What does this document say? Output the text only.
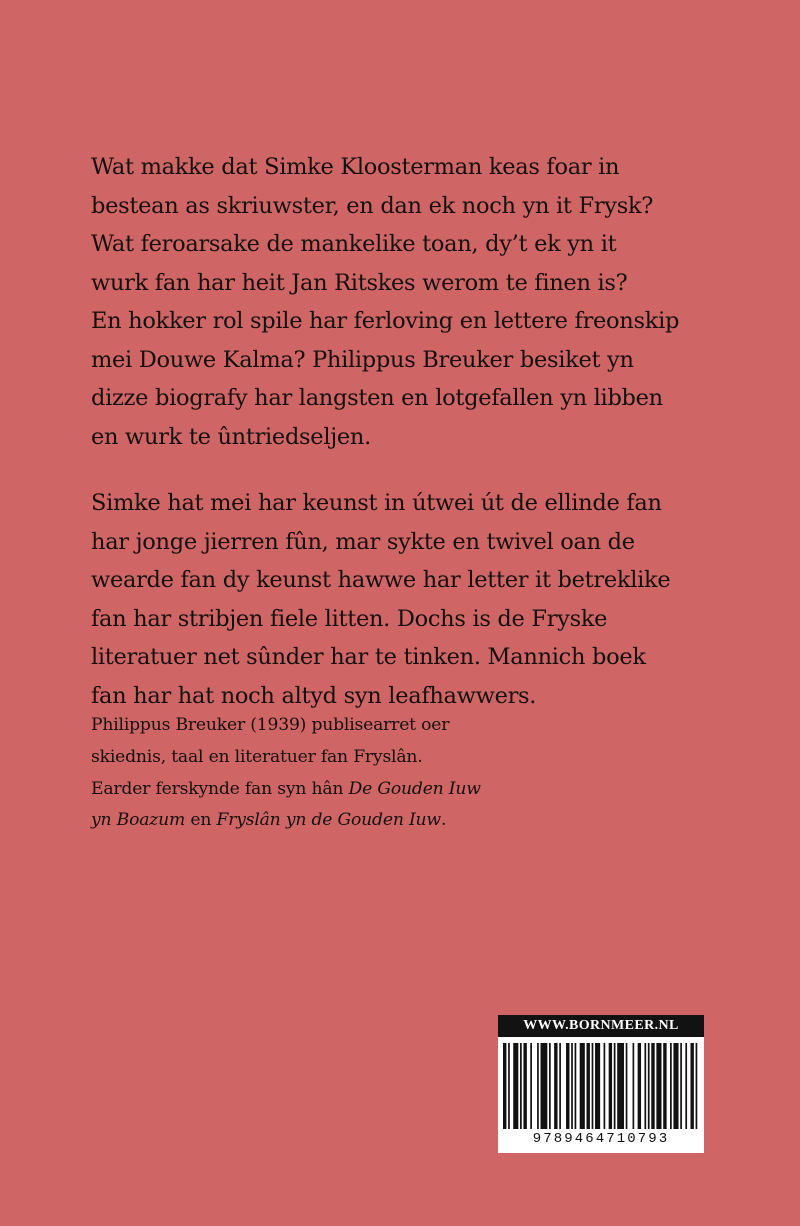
Wat makke dat Simke Kloosterman keas foar in
bestean as skriuwster, en dan ek noch yn it Frysk?
Wat feroarsake de mankelike toan, dy’t ek yn it
wurk fan har heit Jan Ritskes werom te finen is?
En hokker rol spile har ferloving en lettere freonskip
mei Douwe Kalma? Philippus Breuker besiket yn
dizze biografy har langsten en lotgefallen yn libben
en wurk te ûntriedseljen.

Simke hat mei har keunst in útwei út de ellinde fan
har jonge jierren fûn, mar sykte en twivel oan de
wearde fan dy keunst hawwe har letter it betreklike
fan har stribjen fiele litten. Dochs is de Fryske
literatuer net sûnder har te tinken. Mannich boek
fan har hat noch altyd syn leafhawwers.

Philippus Breuker (1939) publisearret oer
skiednis, taal en literatuer fan Fryslân.
Earder ferskynde fan syn hân De Gouden Iuw
yn Boazum en Fryslân yn de Gouden Iuw.
WWW.BORNMEER.NL
9789464710793
